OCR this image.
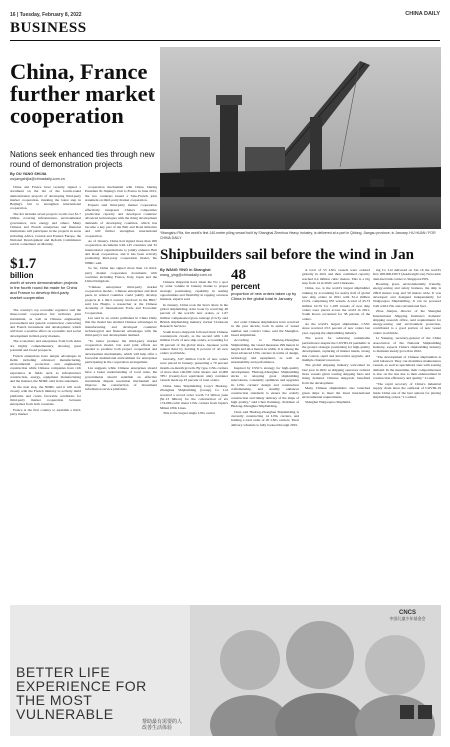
16 | Tuesday, February 8, 2022	CHINA DAILY
BUSINESS
China, France further market cooperation
Nations seek enhanced ties through new round of demonstration projects
By OU YANG SHIJIA
ouyangshijia@chinadaily.com.cn

China and France have recently signed a document on the list of the fourth-round demonstration projects of developing third-party market cooperation, marking the latest step in Beijing's bid to strengthen international cooperation.

The list includes seven projects worth over $1.7 billion, covering infrastructure, environmental governance, new energy and others. Many Chinese and French enterprises and financial institutions will participate in the projects in areas including Africa, Central and Eastern Europe, the National Development and Reform Commission said in a statement on Monday.

$1.7
billion
worth of seven demonstration projects in the fourth round list made for China and France to develop third-party market cooperation

The country's top economic regulator said the three-round cooperation list indicates joint investment, as well as Chinese engineering procurement and general construction contracting and French investment and development, which will have a positive effect on economic and social development in third-party markets.

The economics and enterprises from both sides are highly complementary, showing great potential and broad prospects.

French enterprises have unique advantages in fields including advanced manufacturing, environmental protection and engineering construction while Chinese companies have rich experience in fields such as infrastructure construction, energy, equipment manufacturing and the internet, the NDRC said in the statement.

In the next step, the NDRC said it will work closely with the French ministry to actively build platforms and create favorable conditions for third-party market cooperation between enterprises from both countries.

France is the first country to establish a third-party market

cooperation mechanism with China. During President Xi Jinping's visit to France in June 2015, the two countries issued a Sino-French joint statement on third-party market cooperation.

Experts said third-party market cooperation effectively integrates China's competitive production capacity and developed countries' advanced technologies with the rising development demands of developing countries, which has become a key part of the Belt and Road Initiative and will further strengthen international cooperation.

As of January, China had signed more than 200 cooperation documents with 145 countries and 32 international organizations to jointly enhance Belt and Road cooperation, and it has been actively promoting third-party cooperation model, the NDRC said.

So far, China has signed more than 14 third-party market cooperation documents with countries including France, Italy, Japan and the United Kingdom.

"Chinese enterprises' third-party market cooperation model... Chinese enterprises and their peers in related countries could jointly develop projects in a third country involved in the BRI," said Liu Huajia, a researcher at the Chinese Academy of International Trade and Economic Cooperation.

Liu said in an article published in China Daily that the model has enabled Chinese advantages in manufacturing and developed countries' technological and financial advantages with the third-party's real development demand.

"To better promote the third-party market cooperation model, Liu said joint efforts are needed to promote both project cooperation and development mechanisms, which will help offer a favorable institutional environment for enterprises participating in the cooperation arrangement.

Liu suggests while Chinese enterprises should have a better understanding of local rules, the governments should establish an effective investment dispute resolution mechanism and improve the construction of investment information service platforms.

Yibangshu Fifa, the world's first 140-meter piling vessel built by Shanghai Zhenhua Heavy Industry, is delivered at a port in Qidong, Jiangsu province, in January. HU HUAN / FOR CHINA DAILY
Shipbuilders sail before the wind in Jan
By WANG YING in Shanghai
wang_ying@chinadaily.com.cn

Chinese shipyards have taken the No 1 spot by order volume in January thanks to proper strategic positioning, capability in seizing opportunities and flexibility in tapping overseas markets, experts said.

In January, China took the lion's share in the global shipbuilding order book by receiving 48 percent of the world's new orders, or 1.67 million compensated gross tonnage (CGT), said British shipbuilding industry tracker Clarksons Research Services.

South Korea shipyards followed their Chinese counterparts closely, as the second with 1.26 million CGTs of new ship orders, accounting for 36 percent of the global share. Japanese yards ranked third by holding 6 percent of all new orders worldwide.

Globally, 3.87 million CGTs of new orders were placed in January, presenting a 70 percent month-on-month growth. By type, LNG carriers of more than 140,000 cubic meters and 12,000 TEU (twenty-foot equivalent unit) container vessels made up 43 percent of total orders.

China State Shipbuilding Corp's Hudong-Zhonghua Shipbuilding (Group) Co Ltd received a record order worth 7.2 billion yuan ($1.13 billion) for the construction of six 174,000-cubic meter LNG carriers from Japan's Mitsui OSK Lines.

This is the largest single LNG carrier

48
percent
proportion of new orders taken up by China in the global total in January

rier order Chinese shipbuilders have received in the past decade, both in terms of vessel number and contract value, said the Shanghai-based shipbuilder.

According to Hudong-Zhonghua Shipbuilding, the vessel measures 299 meters in length and 46.4 meters in width. It is among the most advanced LNG carriers in terms of design, technology, and equipment, as well as sustainability and performance.

Inspired by CSSC's strategy for high-quality development, Hudong-Zhonghua Shipbuilding sticks to adopting great shipbuilding innovations, constantly optimizes and upgrades its LNG carriers' design and construction craftsmanship, and steadily enhances construction standards to ensure the orderly construction and timely delivery of the ships of high quality," said Chen Jianliang, chairman of Hudong-Zhonghua Shipbuilding.

Chen said Hudong-Zhonghua Shipbuilding is currently constructing 14 LNG carriers, and holding a total order of 20 LNG carriers. Their delivery schedule is fully booked through 2025.

A total of 55 LNG vessels were ordered globally in 2021 and their combined capacity reached 9.4 million cubic meters. This is a big leap from 14 in 2020, said Clarksons.

China, too, is the world's largest shipbuilder ranking by accounting for nearly half of global new ship orders in 2021 with 32.4 million CGTs, comprising 955 vessels. A total of 45.73 million GCTs for 1,168 vessels of new ship orders were placed across the world in 2021, South Korea accounted for 38 percent of the orders.

As the world's largest shipbuilder, CSSC alone received 23.5 percent of new orders last year, topping the shipbuilding industry.

The secret for achieving remarkable performance despite the COVID-19 pandemic is the group's strategic positioning for high-quality development, capturing of market trends, strong risk control, rapid and innovative upgrade, and multiple channel resources.

The global shipping industry welcomed its best year in 2021 as shipping operators ordered more vessels given soaring shipping fares and rising demand. Chinese shipyards benefited from the development.

Many Chinese shipbuilders also launched green ships to meet the latest international environmental requirements.

Shanghai Waigaoqiao Shipbuild-

ing Co Ltd delivered on Jan 16 the world's first 208,000-DWT (deadweight ton) Newcastle dual-fuel bulk carrier to Singapore EPS.

Boasting great, environmentally friendly, energy-saving and safety features, the ship is 299.8 meters long and 50 meters wide. It was developed and designed independently for Waigaoqiao Shipbuilding. It can be powered both with LNG and conventional fuel.

Zhou Jianjun, director of the Shanghai International Shipping Institute's domestic shipping research office, said requirements for energy-saving and environment protection, contributed to a good portion of new vessel orders worldwide.

Li Yanqing, secretary-general of the China Association of the National Shipbuilding Industry, expects China's shipbuilding industry to maintain steady growth in 2022.

"The development of Chinese shipbuilders is well balanced. They can maximize maintenance vessels, as well as specialized ones with soaring demand. In the meantime, their competitiveness is also on the rise due to their enhancement in construction efficiency and quality," Li said.

"The rapid recovery of China's industrial supply chain since the outbreak of COVID-19 made China one of the best options for placing shipbuilding orders," Li added.

BETTER LIFE
EXPERIENCE FOR
THE MOST
VULNERABLE	帮助最有需要的人
改善生活体验
CNCS
中国儿童少年基金会
